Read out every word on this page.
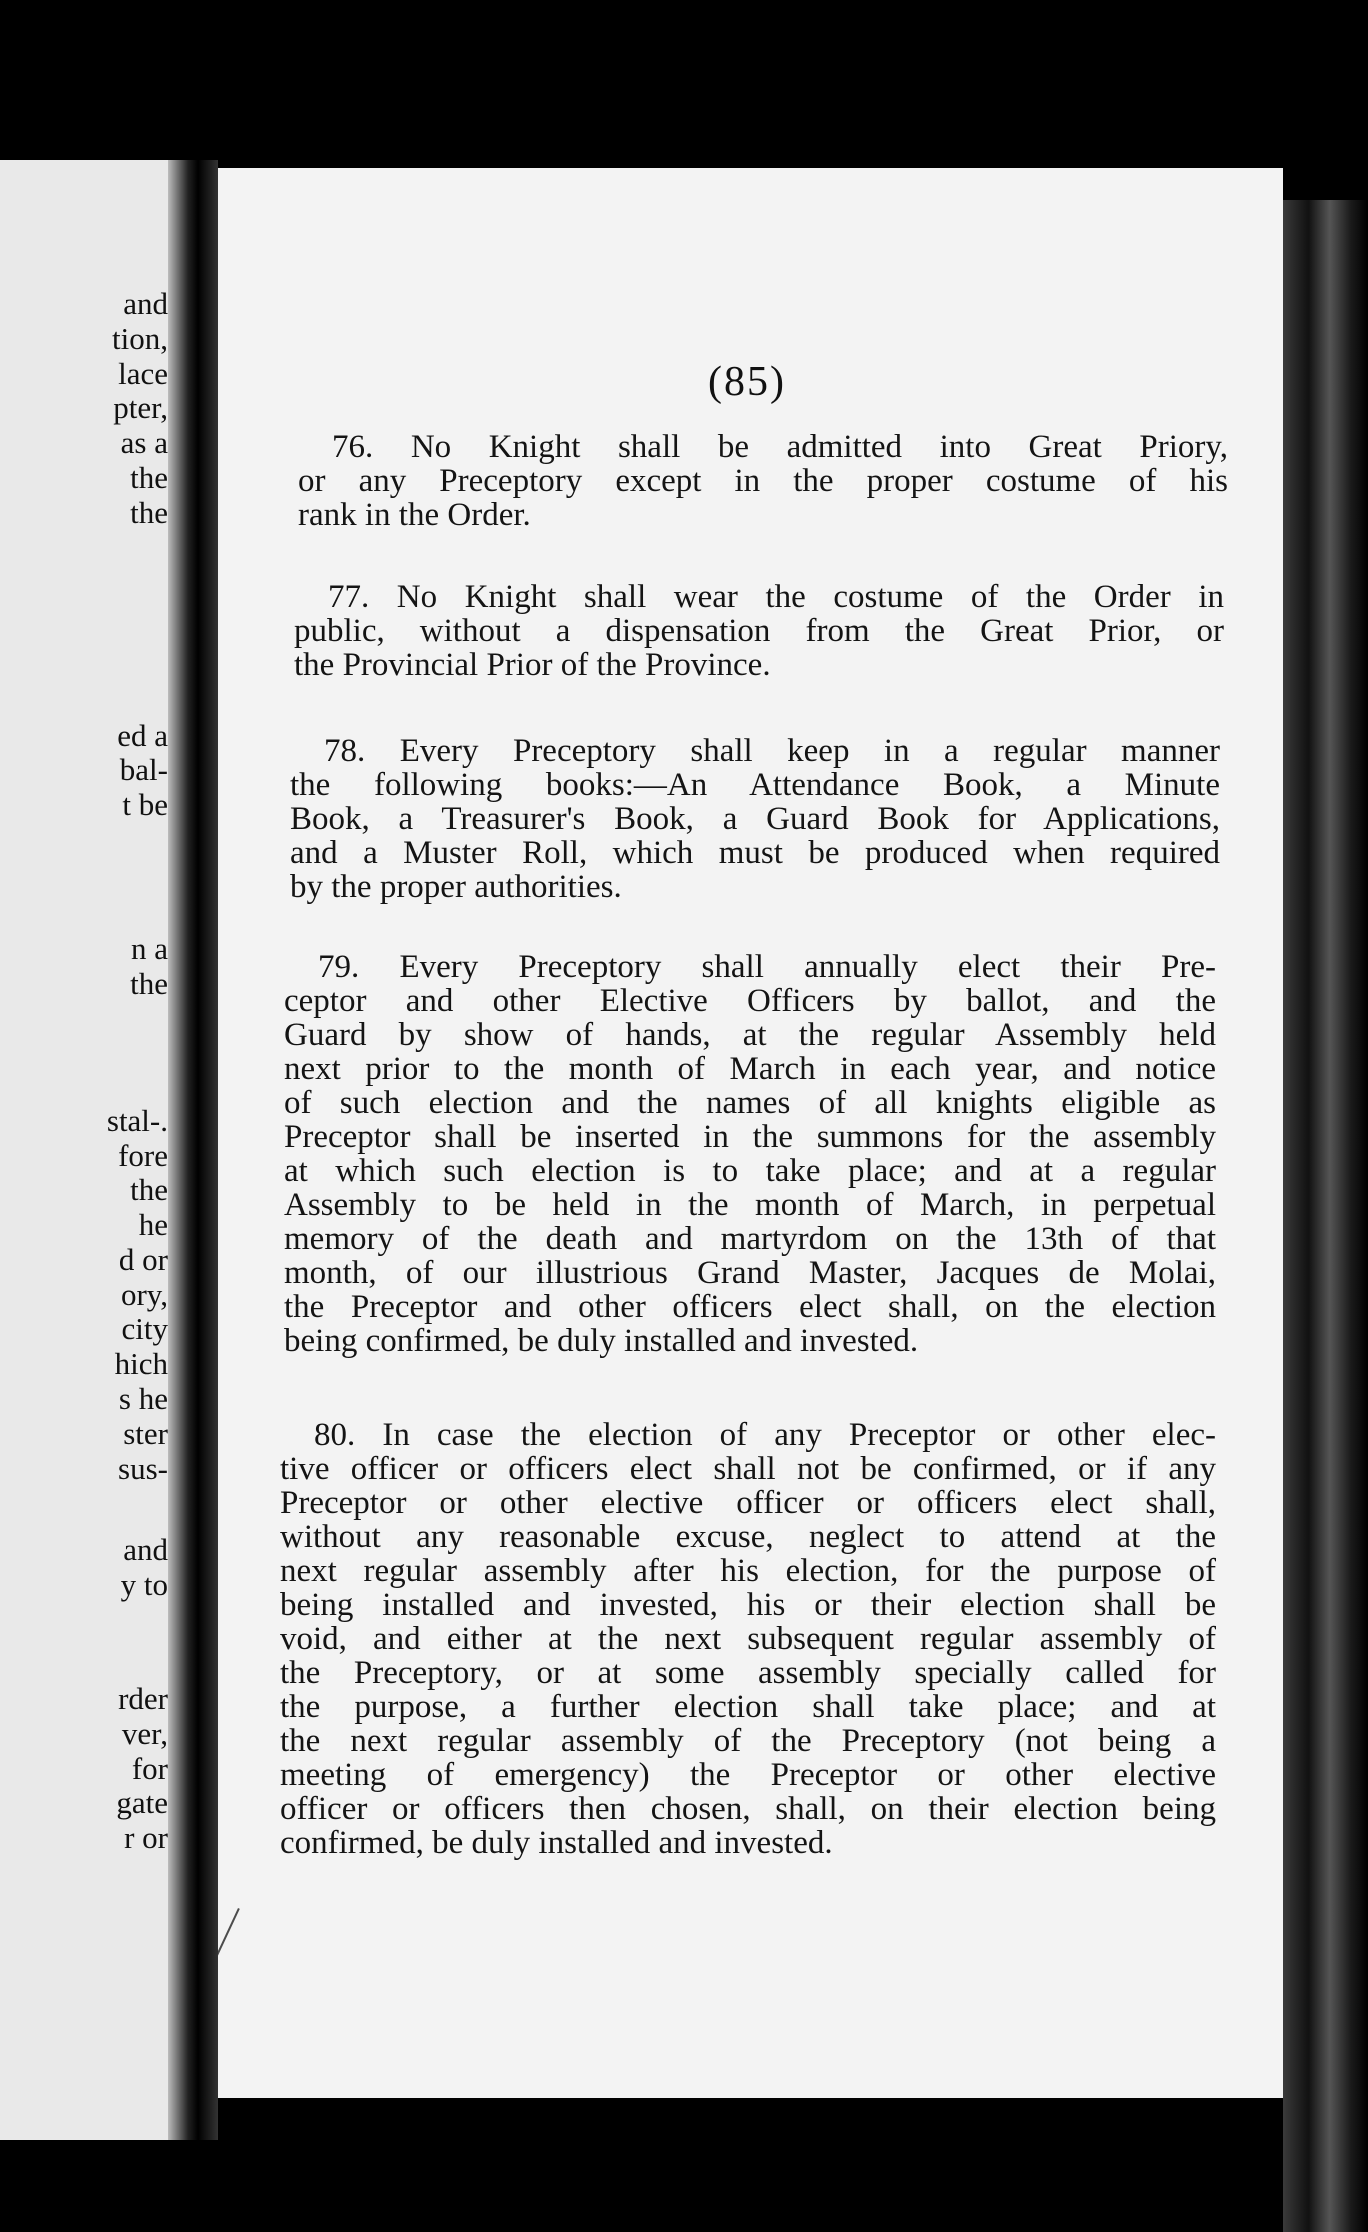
and
tion,
lace
pter,
as a
the
the
ed a
bal-
t be
n a
the
stal-.
fore
the
he
d or
ory,
city
hich
s he
ster
sus-
and
y to
rder
ver,
for
gate
r or
(85)
76. No Knight shall be admitted into Great Priory,
or any Preceptory except in the proper costume of his
rank in the Order.
77. No Knight shall wear the costume of the Order in
public, without a dispensation from the Great Prior, or
the Provincial Prior of the Province.
78. Every Preceptory shall keep in a regular manner
the following books:—An Attendance Book, a Minute
Book, a Treasurer's Book, a Guard Book for Applications,
and a Muster Roll, which must be produced when required
by the proper authorities.
79. Every Preceptory shall annually elect their Pre-
ceptor and other Elective Officers by ballot, and the
Guard by show of hands, at the regular Assembly held
next prior to the month of March in each year, and notice
of such election and the names of all knights eligible as
Preceptor shall be inserted in the summons for the assembly
at which such election is to take place; and at a regular
Assembly to be held in the month of March, in perpetual
memory of the death and martyrdom on the 13th of that
month, of our illustrious Grand Master, Jacques de Molai,
the Preceptor and other officers elect shall, on the election
being confirmed, be duly installed and invested.
80. In case the election of any Preceptor or other elec-
tive officer or officers elect shall not be confirmed, or if any
Preceptor or other elective officer or officers elect shall,
without any reasonable excuse, neglect to attend at the
next regular assembly after his election, for the purpose of
being installed and invested, his or their election shall be
void, and either at the next subsequent regular assembly of
the Preceptory, or at some assembly specially called for
the purpose, a further election shall take place; and at
the next regular assembly of the Preceptory (not being a
meeting of emergency) the Preceptor or other elective
officer or officers then chosen, shall, on their election being
confirmed, be duly installed and invested.
